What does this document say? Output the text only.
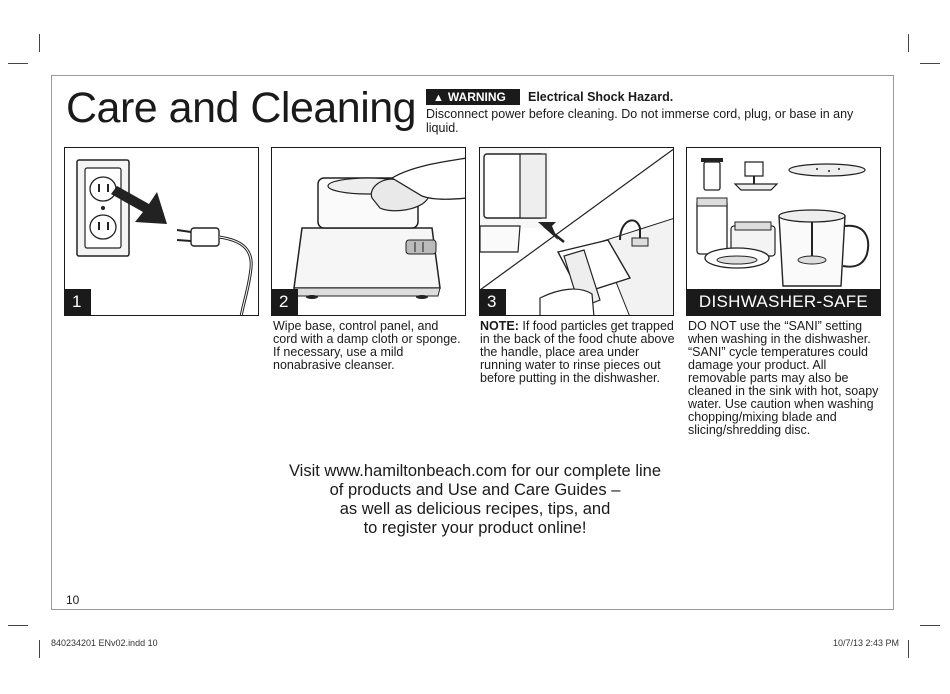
Care and Cleaning	▲ WARNING	Electrical Shock Hazard.
Disconnect power before cleaning. Do not immerse cord, plug, or base in any liquid.
1	2	3	DISHWASHER-SAFE
Wipe base, control panel, and cord with a damp cloth or sponge. If necessary, use a mild nonabrasive cleanser.
NOTE: If food particles get trapped in the back of the food chute above the handle, place area under running water to rinse pieces out before putting in the dishwasher.
DO NOT use the “SANI” setting when washing in the dishwasher. “SANI” cycle temperatures could damage your product. All removable parts may also be cleaned in the sink with hot, soapy water. Use caution when washing chopping/mixing blade and slicing/shredding disc.
Visit www.hamiltonbeach.com for our complete line
of products and Use and Care Guides –
as well as delicious recipes, tips, and
to register your product online!
10
840234201 ENv02.indd 10	10/7/13 2:43 PM
